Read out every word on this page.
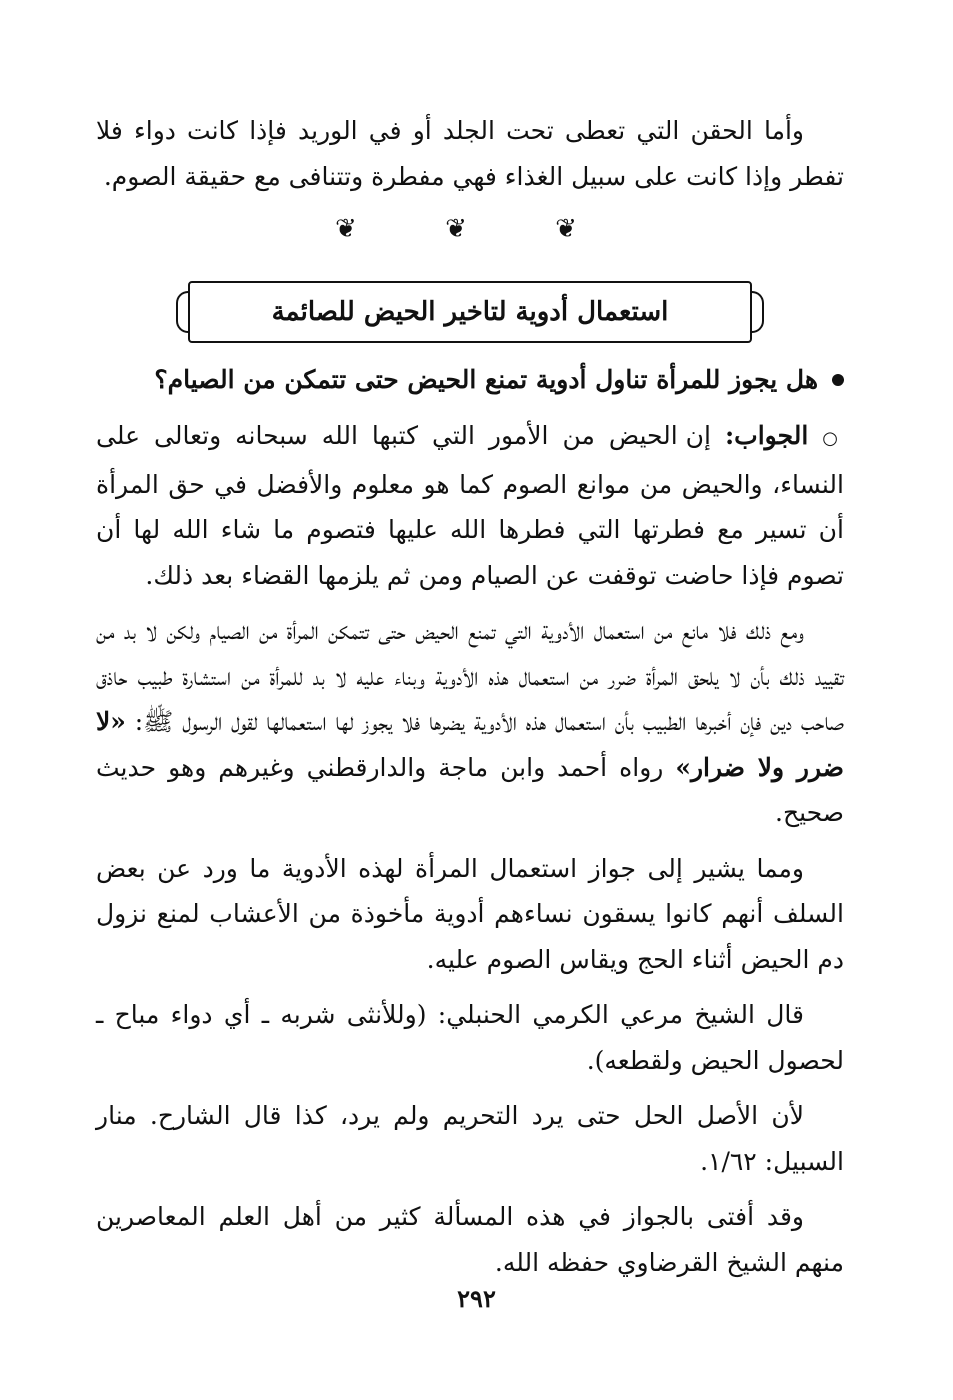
وأما الحقن التي تعطى تحت الجلد أو في الوريد فإذا كانت دواء فلا تفطر وإذا كانت على سبيل الغذاء فهي مفطرة وتتنافى مع حقيقة الصوم.

❦ ❦ ❦
استعمال أدوية لتاخير الحيض للصائمة
هل يجوز للمرأة تناول أدوية تمنع الحيض حتى تتمكن من الصيام؟

○ الجواب: إن الحيض من الأمور التي كتبها الله سبحانه وتعالى على النساء، والحيض من موانع الصوم كما هو معلوم والأفضل في حق المرأة أن تسير مع فطرتها التي فطرها الله عليها فتصوم ما شاء الله لها أن تصوم فإذا حاضت توقفت عن الصيام ومن ثم يلزمها القضاء بعد ذلك.

ومع ذلك فلا مانع من استعمال الأدوية التي تمنع الحيض حتى تتمكن المرأة من الصيام ولكن لا بد من تقييد ذلك بأن لا يلحق المرأة ضرر من استعمال هذه الأدوية وبناء عليه لا بد للمرأة من استشارة طبيب حاذق صاحب دين فإن أخبرها الطبيب بأن استعمال هذه الأدوية يضرها فلا يجوز لها استعمالها لقول الرسول ﷺ: «لا ضرر ولا ضرار» رواه أحمد وابن ماجة والدارقطني وغيرهم وهو حديث صحيح.

ومما يشير إلى جواز استعمال المرأة لهذه الأدوية ما ورد عن بعض السلف أنهم كانوا يسقون نساءهم أدوية مأخوذة من الأعشاب لمنع نزول دم الحيض أثناء الحج ويقاس الصوم عليه.

قال الشيخ مرعي الكرمي الحنبلي: (وللأنثى شربه ـ أي دواء مباح ـ لحصول الحيض ولقطعه).

لأن الأصل الحل حتى يرد التحريم ولم يرد، كذا قال الشارح. منار السبيل: ١/٦٢.

وقد أفتى بالجواز في هذه المسألة كثير من أهل العلم المعاصرين منهم الشيخ القرضاوي حفظه الله.

٢٩٢
